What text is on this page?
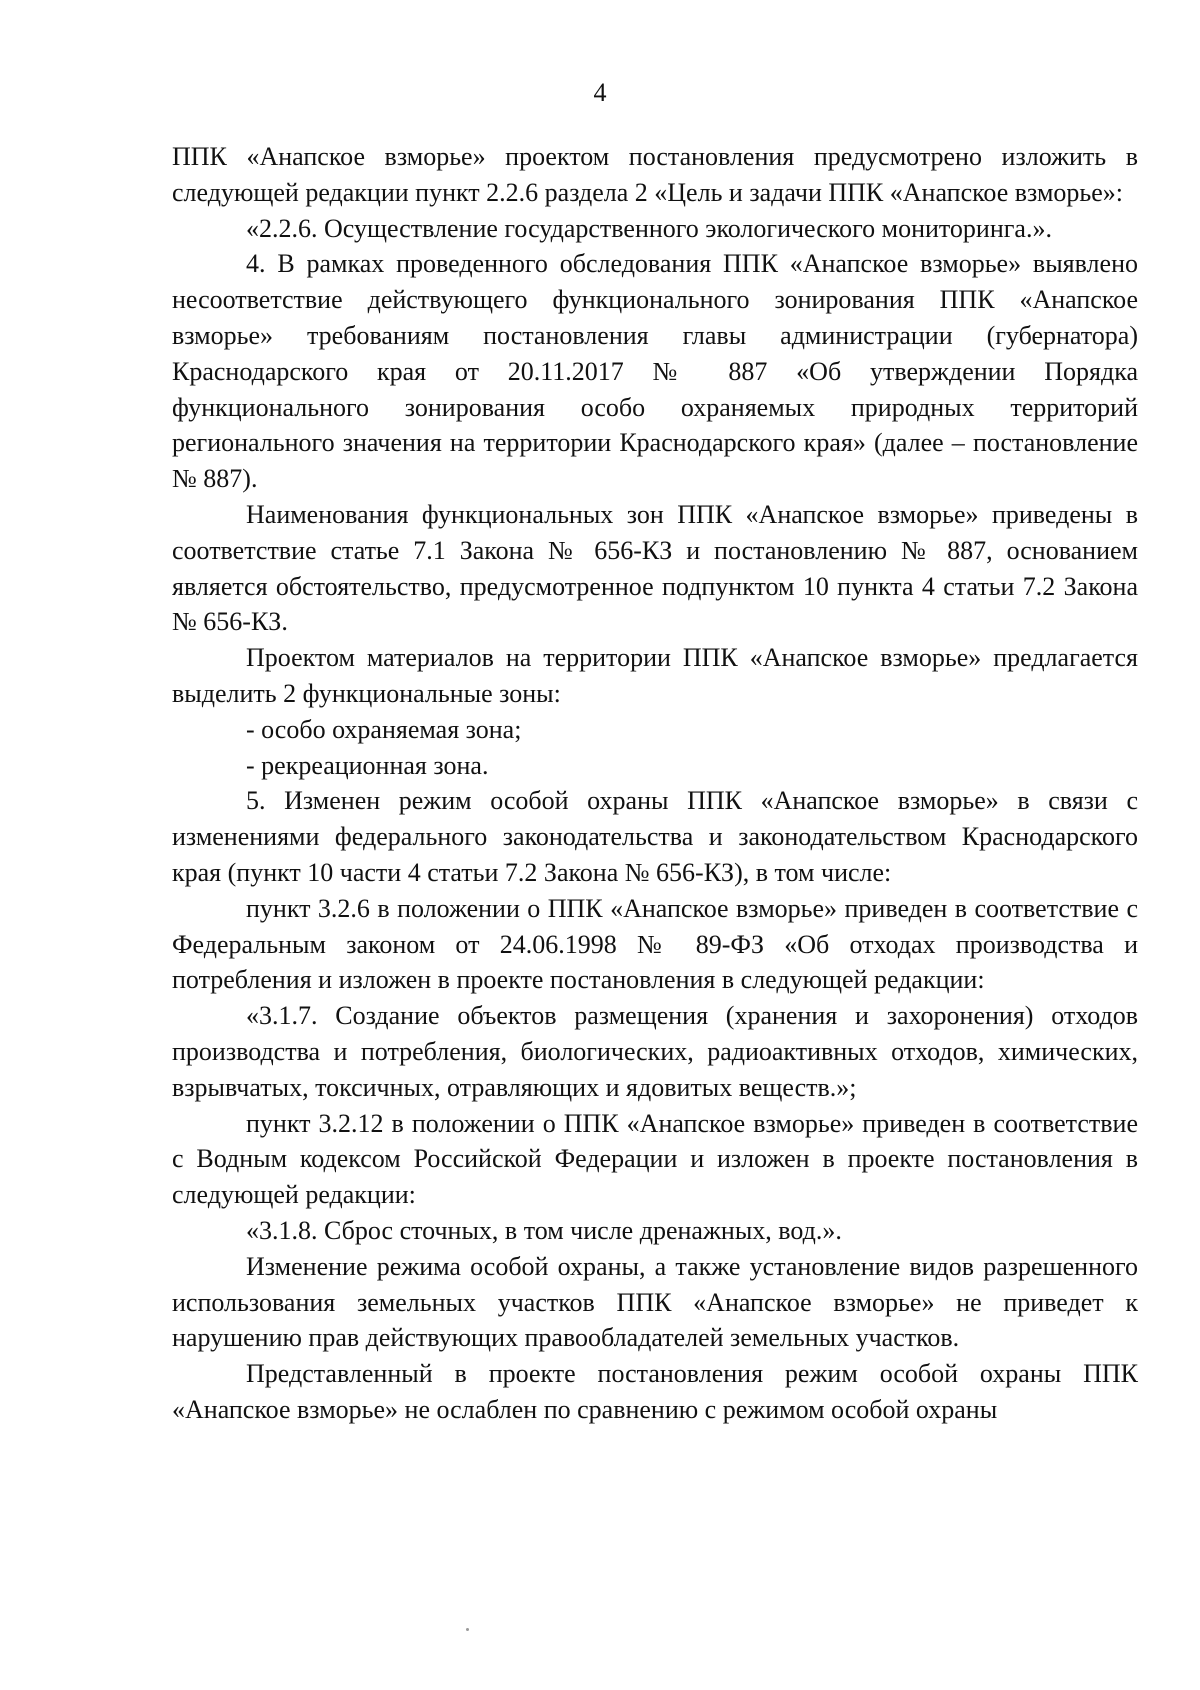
4

ППК «Анапское взморье» проектом постановления предусмотрено изложить в следующей редакции пункт 2.2.6 раздела 2 «Цель и задачи ППК «Анапское взморье»:

«2.2.6. Осуществление государственного экологического мониторинга.».

4. В рамках проведенного обследования ППК «Анапское взморье» выявлено несоответствие действующего функционального зонирования ППК «Анапское взморье» требованиям постановления главы администрации (губернатора) Краснодарского края от 20.11.2017 № 887 «Об утверждении Порядка функционального зонирования особо охраняемых природных территорий регионального значения на территории Краснодарского края» (далее – постановление № 887).

Наименования функциональных зон ППК «Анапское взморье» приведены в соответствие статье 7.1 Закона № 656-КЗ и постановлению № 887, основанием является обстоятельство, предусмотренное подпунктом 10 пункта 4 статьи 7.2 Закона № 656-КЗ.

Проектом материалов на территории ППК «Анапское взморье» предлагается выделить 2 функциональные зоны:

- особо охраняемая зона;

- рекреационная зона.

5. Изменен режим особой охраны ППК «Анапское взморье» в связи с изменениями федерального законодательства и законодательством Краснодарского края (пункт 10 части 4 статьи 7.2 Закона № 656-КЗ), в том числе:

пункт 3.2.6 в положении о ППК «Анапское взморье» приведен в соответствие с Федеральным законом от 24.06.1998 № 89-ФЗ «Об отходах производства и потребления и изложен в проекте постановления в следующей редакции:

«3.1.7. Создание объектов размещения (хранения и захоронения) отходов производства и потребления, биологических, радиоактивных отходов, химических, взрывчатых, токсичных, отравляющих и ядовитых веществ.»;

пункт 3.2.12 в положении о ППК «Анапское взморье» приведен в соответствие с Водным кодексом Российской Федерации и изложен в проекте постановления в следующей редакции:

«3.1.8. Сброс сточных, в том числе дренажных, вод.».

Изменение режима особой охраны, а также установление видов разрешенного использования земельных участков ППК «Анапское взморье» не приведет к нарушению прав действующих правообладателей земельных участков.

Представленный в проекте постановления режим особой охраны ППК «Анапское взморье» не ослаблен по сравнению с режимом особой охраны
